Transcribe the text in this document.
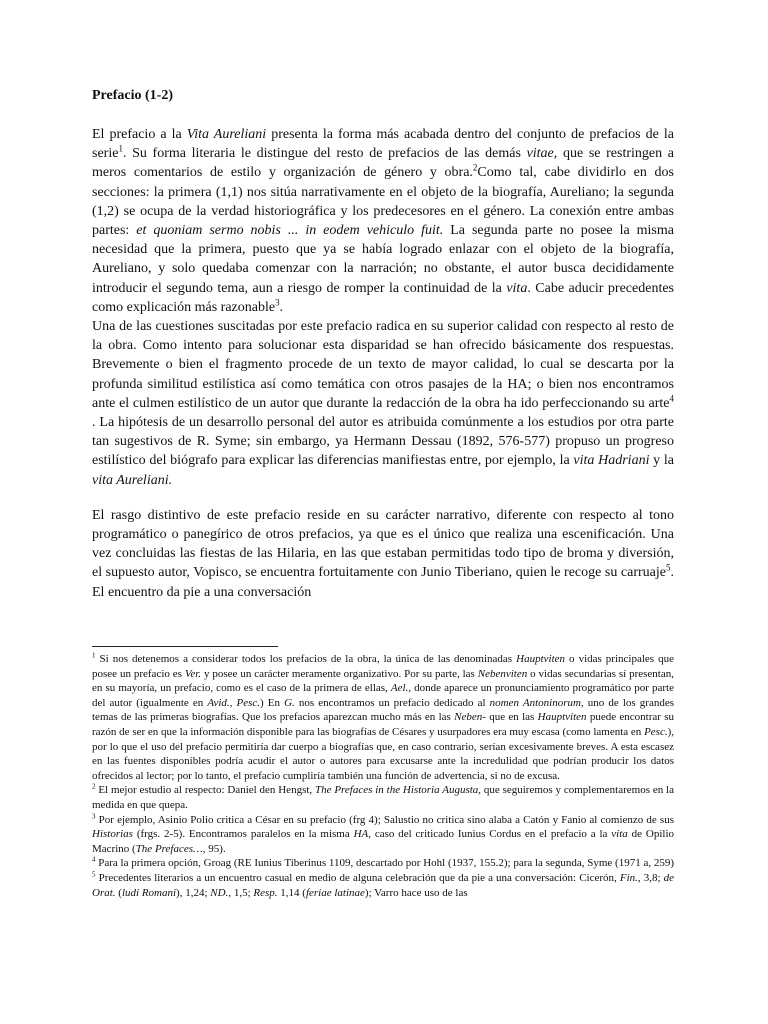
Prefacio (1-2)

El prefacio a la Vita Aureliani presenta la forma más acabada dentro del conjunto de prefacios de la serie$^1$. Su forma literaria le distingue del resto de prefacios de las demás vitae, que se restringen a meros comentarios de estilo y organización de género y obra.$^2$Como tal, cabe dividirlo en dos secciones: la primera (1,1) nos sitúa narrativamente en el objeto de la biografía, Aureliano; la segunda (1,2) se ocupa de la verdad historiográfica y los predecesores en el género. La conexión entre ambas partes: et quoniam sermo nobis ... in eodem vehiculo fuit. La segunda parte no posee la misma necesidad que la primera, puesto que ya se había logrado enlazar con el objeto de la biografía, Aureliano, y solo quedaba comenzar con la narración; no obstante, el autor busca decididamente introducir el segundo tema, aun a riesgo de romper la continuidad de la vita. Cabe aducir precedentes como explicación más razonable$^3$.

Una de las cuestiones suscitadas por este prefacio radica en su superior calidad con respecto al resto de la obra. Como intento para solucionar esta disparidad se han ofrecido básicamente dos respuestas. Brevemente o bien el fragmento procede de un texto de mayor calidad, lo cual se descarta por la profunda similitud estilística así como temática con otros pasajes de la HA; o bien nos encontramos ante el culmen estilístico de un autor que durante la redacción de la obra ha ido perfeccionando su arte$^4$ . La hipótesis de un desarrollo personal del autor es atribuida comúnmente a los estudios por otra parte tan sugestivos de R. Syme; sin embargo, ya Hermann Dessau (1892, 576-577) propuso un progreso estilístico del biógrafo para explicar las diferencias manifiestas entre, por ejemplo, la vita Hadriani y la vita Aureliani.

El rasgo distintivo de este prefacio reside en su carácter narrativo, diferente con respecto al tono programático o panegírico de otros prefacios, ya que es el único que realiza una escenificación. Una vez concluidas las fiestas de las Hilaria, en las que estaban permitidas todo tipo de broma y diversión, el supuesto autor, Vopisco, se encuentra fortuitamente con Junio Tiberiano, quien le recoge su carruaje$^5$. El encuentro da pie a una conversación

$^1$ Si nos detenemos a considerar todos los prefacios de la obra, la única de las denominadas Hauptviten o vidas principales que posee un prefacio es Ver. y posee un carácter meramente organizativo. Por su parte, las Nebenviten o vidas secundarias sí presentan, en su mayoría, un prefacio, como es el caso de la primera de ellas, Ael., donde aparece un pronunciamiento programático por parte del autor (igualmente en Avid., Pesc.) En G. nos encontramos un prefacio dedicado al nomen Antoninorum, uno de los grandes temas de las primeras biografías. Que los prefacios aparezcan mucho más en las Neben- que en las Hauptviten puede encontrar su razón de ser en que la información disponible para las biografías de Césares y usurpadores era muy escasa (como lamenta en Pesc.), por lo que el uso del prefacio permitiría dar cuerpo a biografías que, en caso contrario, serían excesivamente breves. A esta escasez en las fuentes disponibles podría acudir el autor o autores para excusarse ante la incredulidad que podrían producir los datos ofrecidos al lector; por lo tanto, el prefacio cumpliría también una función de advertencia, si no de excusa.

$^2$ El mejor estudio al respecto: Daniel den Hengst, The Prefaces in the Historia Augusta, que seguiremos y complementaremos en la medida en que quepa.

$^3$ Por ejemplo, Asinio Polio critica a César en su prefacio (frg 4); Salustio no critica sino alaba a Catón y Fanio al comienzo de sus Historias (frgs. 2-5). Encontramos paralelos en la misma HA, caso del criticado Iunius Cordus en el prefacio a la vita de Opilio Macrino (The Prefaces…, 95).

$^4$ Para la primera opción, Groag (RE Iunius Tiberinus 1109, descartado por Hohl (1937, 155.2); para la segunda, Syme (1971 a, 259)

$^5$ Precedentes literarios a un encuentro casual en medio de alguna celebración que da pie a una conversación: Cicerón, Fin., 3,8; de Orat. (ludi Romani), 1,24; ND., 1,5; Resp. 1,14 (feriae latinae); Varro hace uso de las
